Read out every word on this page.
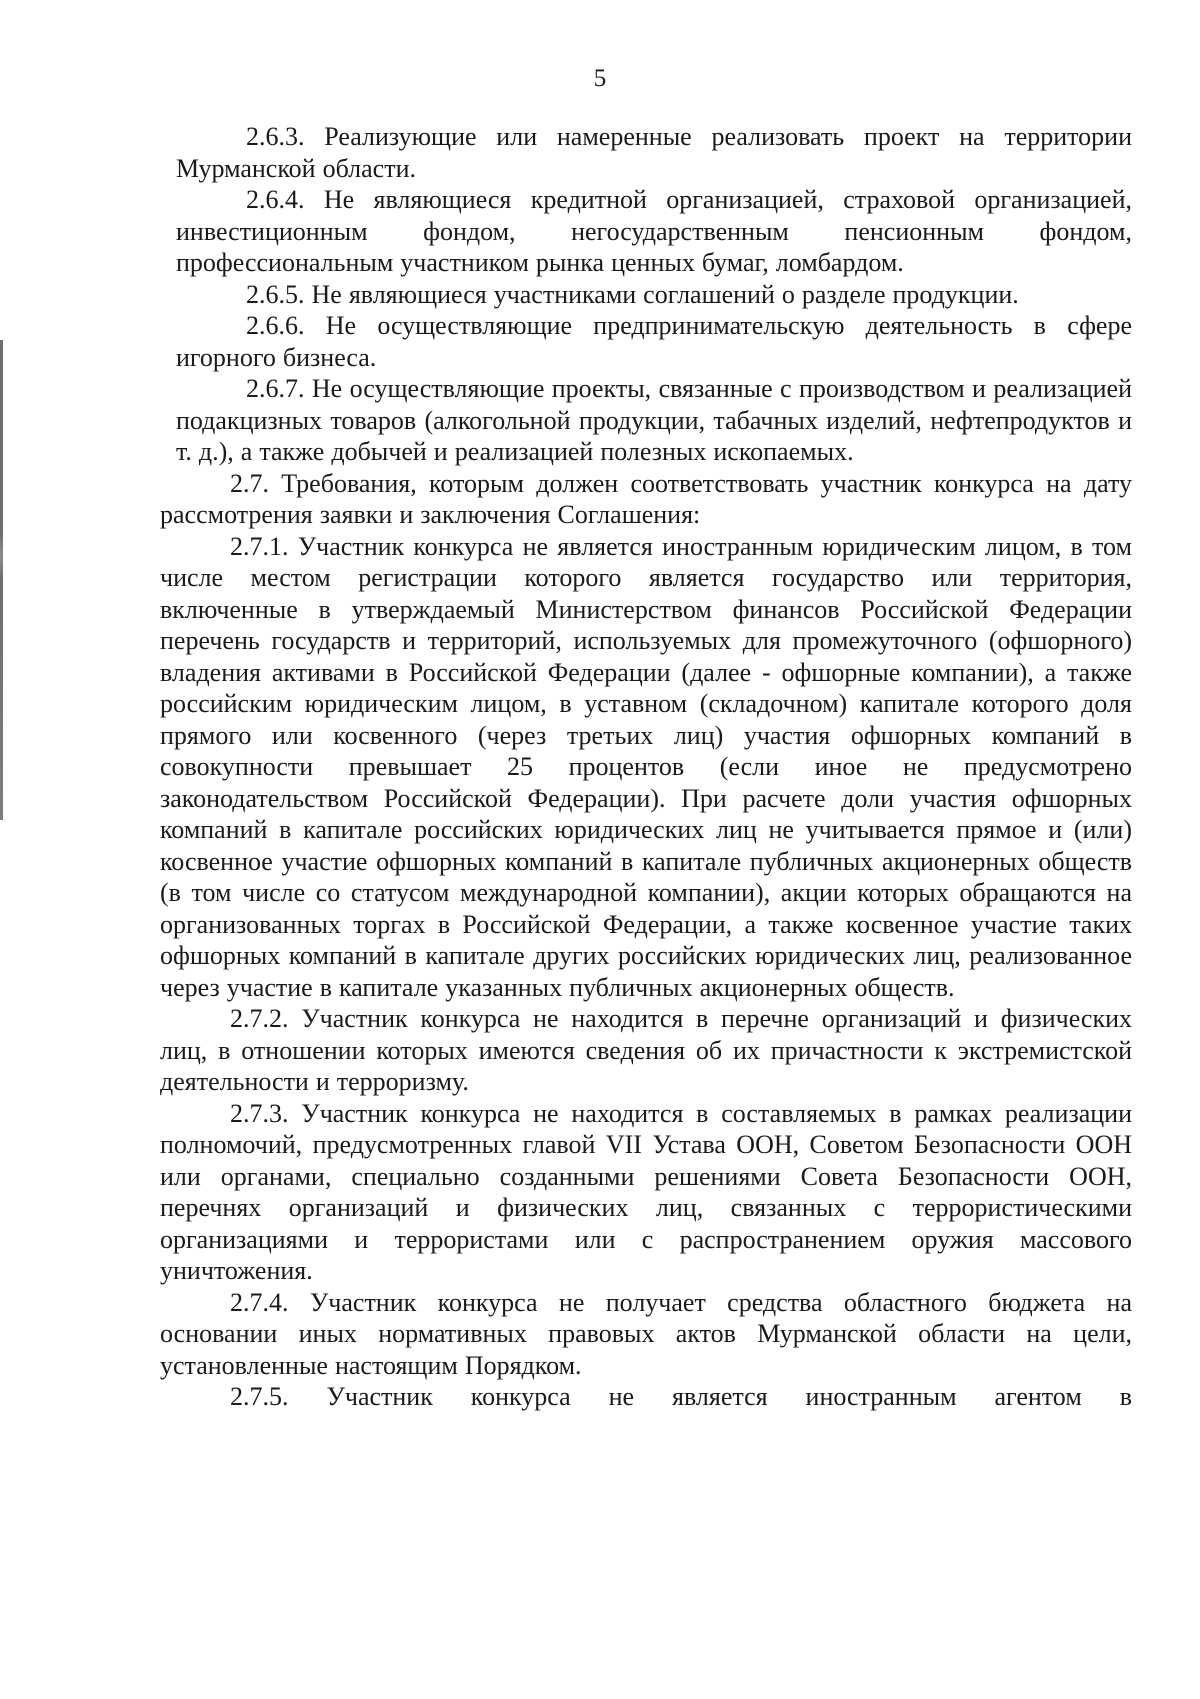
5

2.6.3. Реализующие или намеренные реализовать проект на территории Мурманской области.

2.6.4. Не являющиеся кредитной организацией, страховой организацией, инвестиционным фондом, негосударственным пенсионным фондом, профессиональным участником рынка ценных бумаг, ломбардом.

2.6.5. Не являющиеся участниками соглашений о разделе продукции.

2.6.6. Не осуществляющие предпринимательскую деятельность в сфере игорного бизнеса.

2.6.7. Не осуществляющие проекты, связанные с производством и реализацией подакцизных товаров (алкогольной продукции, табачных изделий, нефтепродуктов и т. д.), а также добычей и реализацией полезных ископаемых.

2.7. Требования, которым должен соответствовать участник конкурса на дату рассмотрения заявки и заключения Соглашения:

2.7.1. Участник конкурса не является иностранным юридическим лицом, в том числе местом регистрации которого является государство или территория, включенные в утверждаемый Министерством финансов Российской Федерации перечень государств и территорий, используемых для промежуточного (офшорного) владения активами в Российской Федерации (далее - офшорные компании), а также российским юридическим лицом, в уставном (складочном) капитале которого доля прямого или косвенного (через третьих лиц) участия офшорных компаний в совокупности превышает 25 процентов (если иное не предусмотрено законодательством Российской Федерации). При расчете доли участия офшорных компаний в капитале российских юридических лиц не учитывается прямое и (или) косвенное участие офшорных компаний в капитале публичных акционерных обществ (в том числе со статусом международной компании), акции которых обращаются на организованных торгах в Российской Федерации, а также косвенное участие таких офшорных компаний в капитале других российских юридических лиц, реализованное через участие в капитале указанных публичных акционерных обществ.

2.7.2. Участник конкурса не находится в перечне организаций и физических лиц, в отношении которых имеются сведения об их причастности к экстремистской деятельности и терроризму.

2.7.3. Участник конкурса не находится в составляемых в рамках реализации полномочий, предусмотренных главой VII Устава ООН, Советом Безопасности ООН или органами, специально созданными решениями Совета Безопасности ООН, перечнях организаций и физических лиц, связанных с террористическими организациями и террористами или с распространением оружия массового уничтожения.

2.7.4. Участник конкурса не получает средства областного бюджета на основании иных нормативных правовых актов Мурманской области на цели, установленные настоящим Порядком.

2.7.5. Участник конкурса не является иностранным агентом в
